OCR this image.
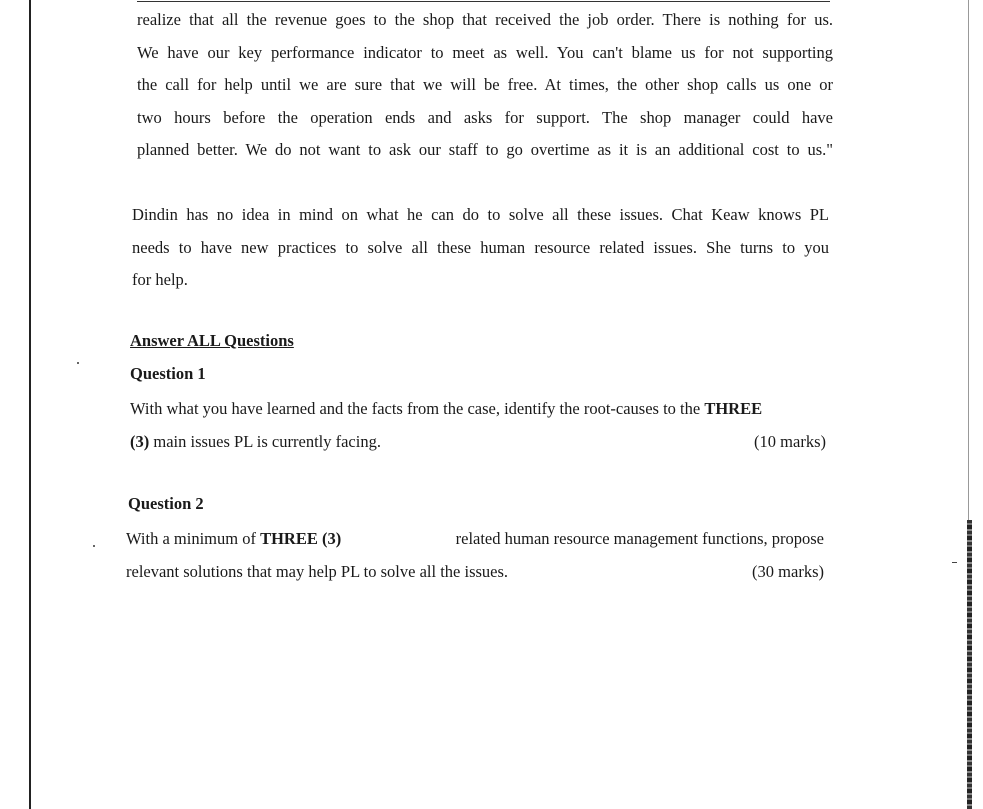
realize that all the revenue goes to the shop that received the job order. There is nothing for us.
We have our key performance indicator to meet as well. You can't blame us for not supporting
the call for help until we are sure that we will be free. At times, the other shop calls us one or
two hours before the operation ends and asks for support. The shop manager could have
planned better. We do not want to ask our staff to go overtime as it is an additional cost to us."
Dindin has no idea in mind on what he can do to solve all these issues. Chat Keaw knows PL
needs to have new practices to solve all these human resource related issues. She turns to you
for help.
Answer ALL Questions
Question 1
With what you have learned and the facts from the case, identify the root-causes to the THREE
(3) main issues PL is currently facing.	(10 marks)
Question 2
With a minimum of THREE (3)	related human resource management functions, propose
relevant solutions that may help PL to solve all the issues.	(30 marks)
